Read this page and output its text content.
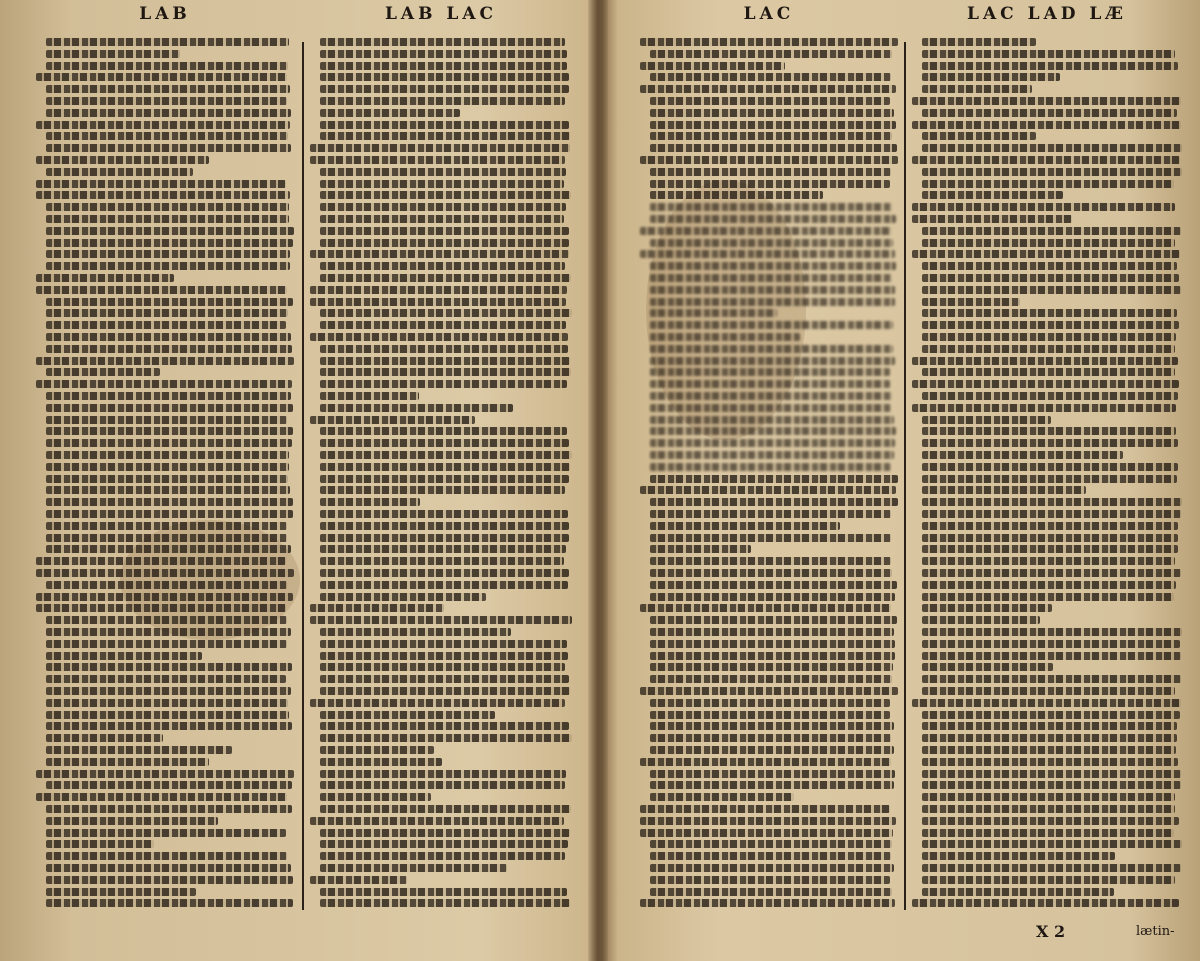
LAB	LAB LAC	LAC	LAC LAD LÆ
X 2	lætin-
